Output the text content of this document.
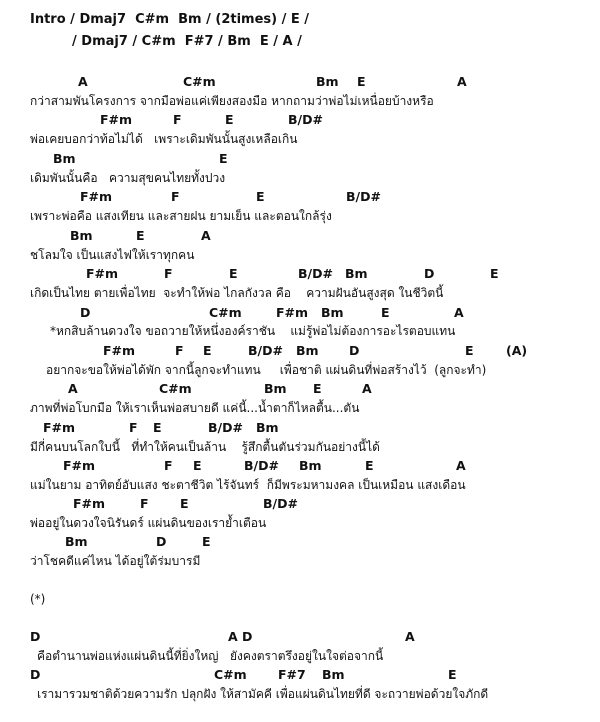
Intro / Dmaj7  C#m  Bm / (2times) / E /
/ Dmaj7 / C#m  F#7 / Bm  E / A /
A	C#m	Bm E	A
กว่าสามพันโครงการ จากมือพ่อแค่เพียงสองมือ หากถามว่าพ่อไม่เหนื่อยบ้างหรือ
F#m	F	E	B/D#
พ่อเคยบอกว่าท้อไม่ได้   เพราะเดิมพันนั้นสูงเหลือเกิน
Bm	E
เดิมพันนั้นคือ   ความสุขคนไทยทั้งปวง
F#m	F	E	B/D#
เพราะพ่อคือ แสงเทียน และสายฝน ยามเย็น และตอนใกล้รุ่ง
Bm	E	A
ชโลมใจ เป็นแสงไฟให้เราทุกคน
F#m	F	E	B/D# Bm	D	E
เกิดเป็นไทย ตายเพื่อไทย  จะทำให้พ่อ ไกลกังวล คือ    ความฝันอันสูงสุด ในชีวิตนี้
D	C#m	F#m Bm	E	A
*หกสิบล้านดวงใจ ขอถวายให้หนึ่งองค์ราชัน    แม่รู้พ่อไม่ต้องการอะไรตอบแทน
F#m	F E	B/D# Bm D	E	(A)
อยากจะขอให้พ่อได้พัก จากนี้ลูกจะทำแทน     เพื่อชาติ แผ่นดินที่พ่อสร้างไว้  (ลูกจะทำ)
A	C#m	Bm E	A
ภาพที่พ่อโบกมือ ให้เราเห็นพ่อสบายดี แค่นี้...น้ำตาก็ไหลตื้น...ตัน
F#m	F E	B/D# Bm
มีกี่คนบนโลกใบนี้   ที่ทำให้คนเป็นล้าน    รู้สึกตื้นตันร่วมกันอย่างนี้ได้
F#m	F E	B/D# Bm	E	A
แม่ในยาม อาทิตย์อับแสง ชะตาชีวิต ไร้จันทร์  ก็มีพระมหามงคล เป็นเหมือน แสงเดือน
F#m	F	E	B/D#
พ่ออยู่ในดวงใจนิรันดร์ แผ่นดินของเราย้ำเตือน
Bm	D	E
ว่าโชคดีแค่ไหน ได้อยู่ใต้ร่มบารมี
(*)
D	A D	A
คือตำนานพ่อแห่งแผ่นดินนี้ที่ยิ่งใหญ่   ยังคงตราตรึงอยู่ในใจต่อจากนี้
D	C#m	F#7 Bm	E
เรามารวมชาติด้วยความรัก ปลุกฝัง ให้สามัคคี เพื่อแผ่นดินไทยที่ดี จะถวายพ่อด้วยใจภักดี
